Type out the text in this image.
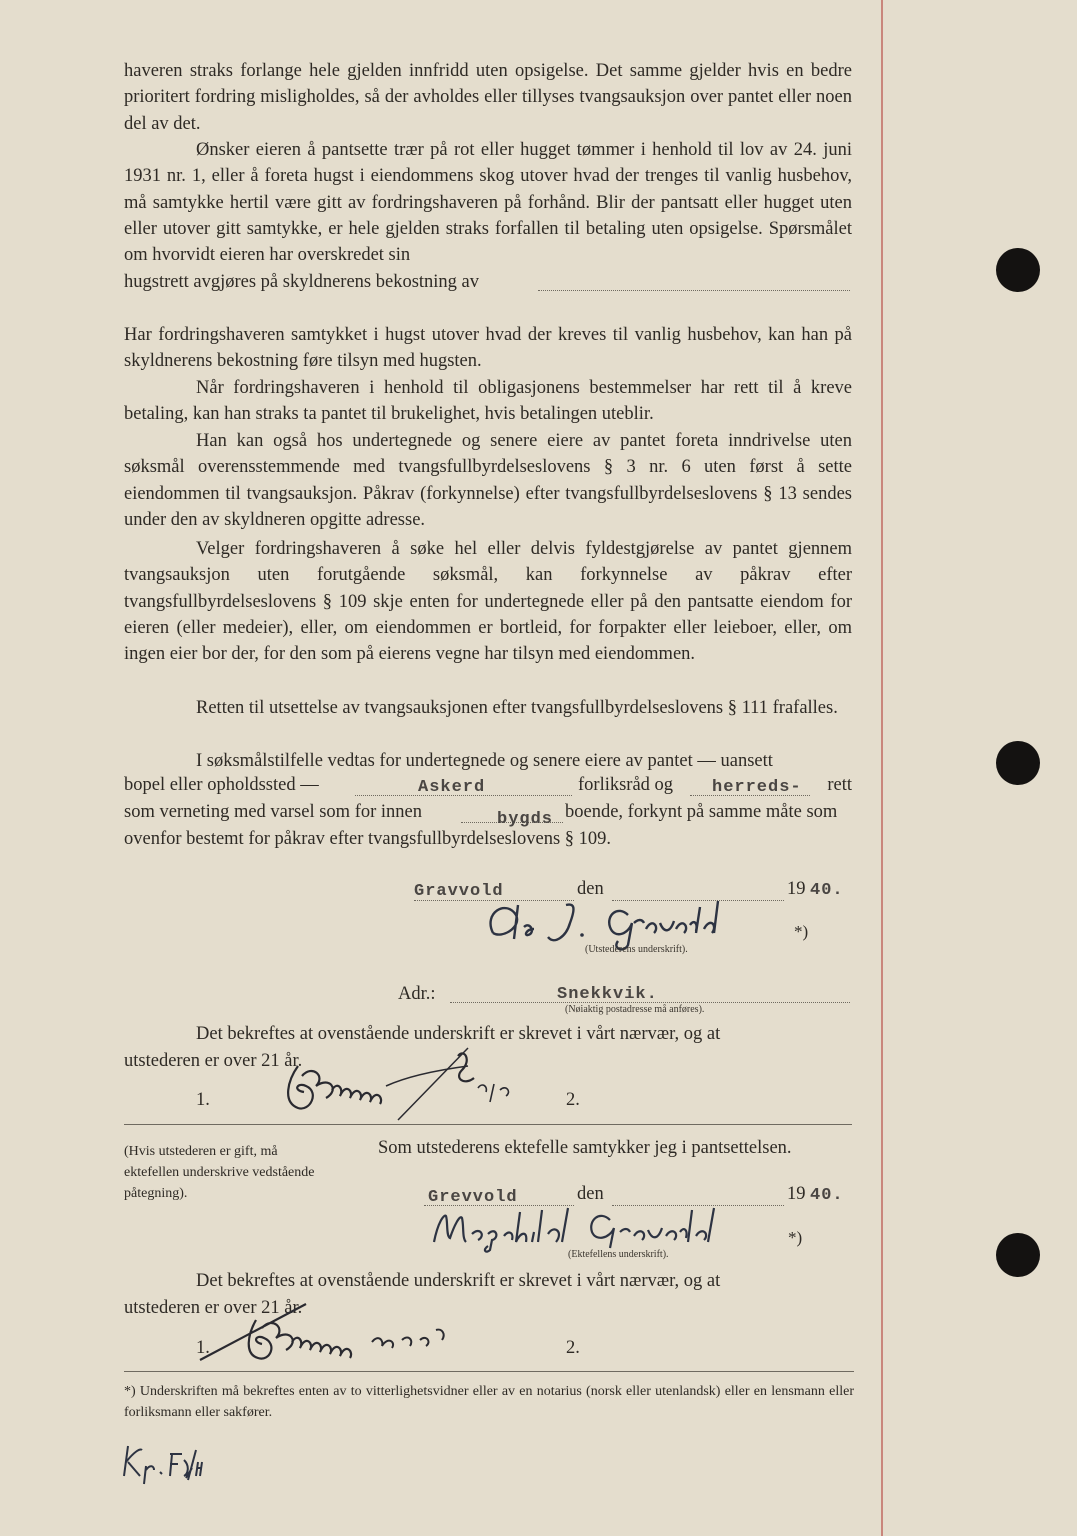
haveren straks forlange hele gjelden innfridd uten opsigelse. Det samme gjelder hvis en bedre prioritert fordring misligholdes, så der avholdes eller tillyses tvangsauksjon over pantet eller noen del av det.

Ønsker eieren å pantsette trær på rot eller hugget tømmer i henhold til lov av 24. juni 1931 nr. 1, eller å foreta hugst i eiendommens skog utover hvad der trenges til vanlig husbehov, må samtykke hertil være gitt av fordringshaveren på forhånd. Blir der pantsatt eller hugget uten eller utover gitt samtykke, er hele gjelden straks forfallen til betaling uten opsigelse. Spørsmålet om hvorvidt eieren har overskredet sin

hugstrett avgjøres på skyldnerens bekostning av

Har fordringshaveren samtykket i hugst utover hvad der kreves til vanlig husbehov, kan han på skyldnerens bekostning føre tilsyn med hugsten.

Når fordringshaveren i henhold til obligasjonens bestemmelser har rett til å kreve betaling, kan han straks ta pantet til brukelighet, hvis betalingen uteblir.

Han kan også hos undertegnede og senere eiere av pantet foreta inndrivelse uten søksmål overensstemmende med tvangsfullbyrdelseslovens § 3 nr. 6 uten først å sette eiendommen til tvangsauksjon. Påkrav (forkynnelse) efter tvangsfullbyrdelseslovens § 13 sendes under den av skyldneren opgitte adresse.

Velger fordringshaveren å søke hel eller delvis fyldestgjørelse av pantet gjennem tvangsauksjon uten forutgående søksmål, kan forkynnelse av påkrav efter tvangsfullbyrdelseslovens § 109 skje enten for undertegnede eller på den pantsatte eiendom for eieren (eller medeier), eller, om eiendommen er bortleid, for forpakter eller leieboer, eller, om ingen eier bor der, for den som på eierens vegne har tilsyn med eiendommen.

Retten til utsettelse av tvangsauksjonen efter tvangsfullbyrdelseslovens § 111 frafalles.

I søksmålstilfelle vedtas for undertegnede og senere eiere av pantet — uansett

bopel eller opholdssted —	Askerd	forliksråd og herreds-	rett

som verneting med varsel som for innen	bygds boende, forkynt på samme måte som

ovenfor bestemt for påkrav efter tvangsfullbyrdelseslovens § 109.

Gravvold	den	19 40.
*)
(Utstederens underskrift).

Adr.:	Snekkvik.
(Nøiaktig postadresse må anføres).

Det bekreftes at ovenstående underskrift er skrevet i vårt nærvær, og at

utstederen er over 21 år.

1.	2.

(Hvis utstederen er gift, må ektefellen underskrive vedstående påtegning).

Som utstederens ektefelle samtykker jeg i pantsettelsen.

Grevvold	den	19 40.
*)
(Ektefellens underskrift).

Det bekreftes at ovenstående underskrift er skrevet i vårt nærvær, og at

utstederen er over 21 år.

1.	2.

*) Underskriften må bekreftes enten av to vitterlighetsvidner eller av en notarius (norsk eller utenlandsk) eller en lensmann eller forliksmann eller sakfører.
